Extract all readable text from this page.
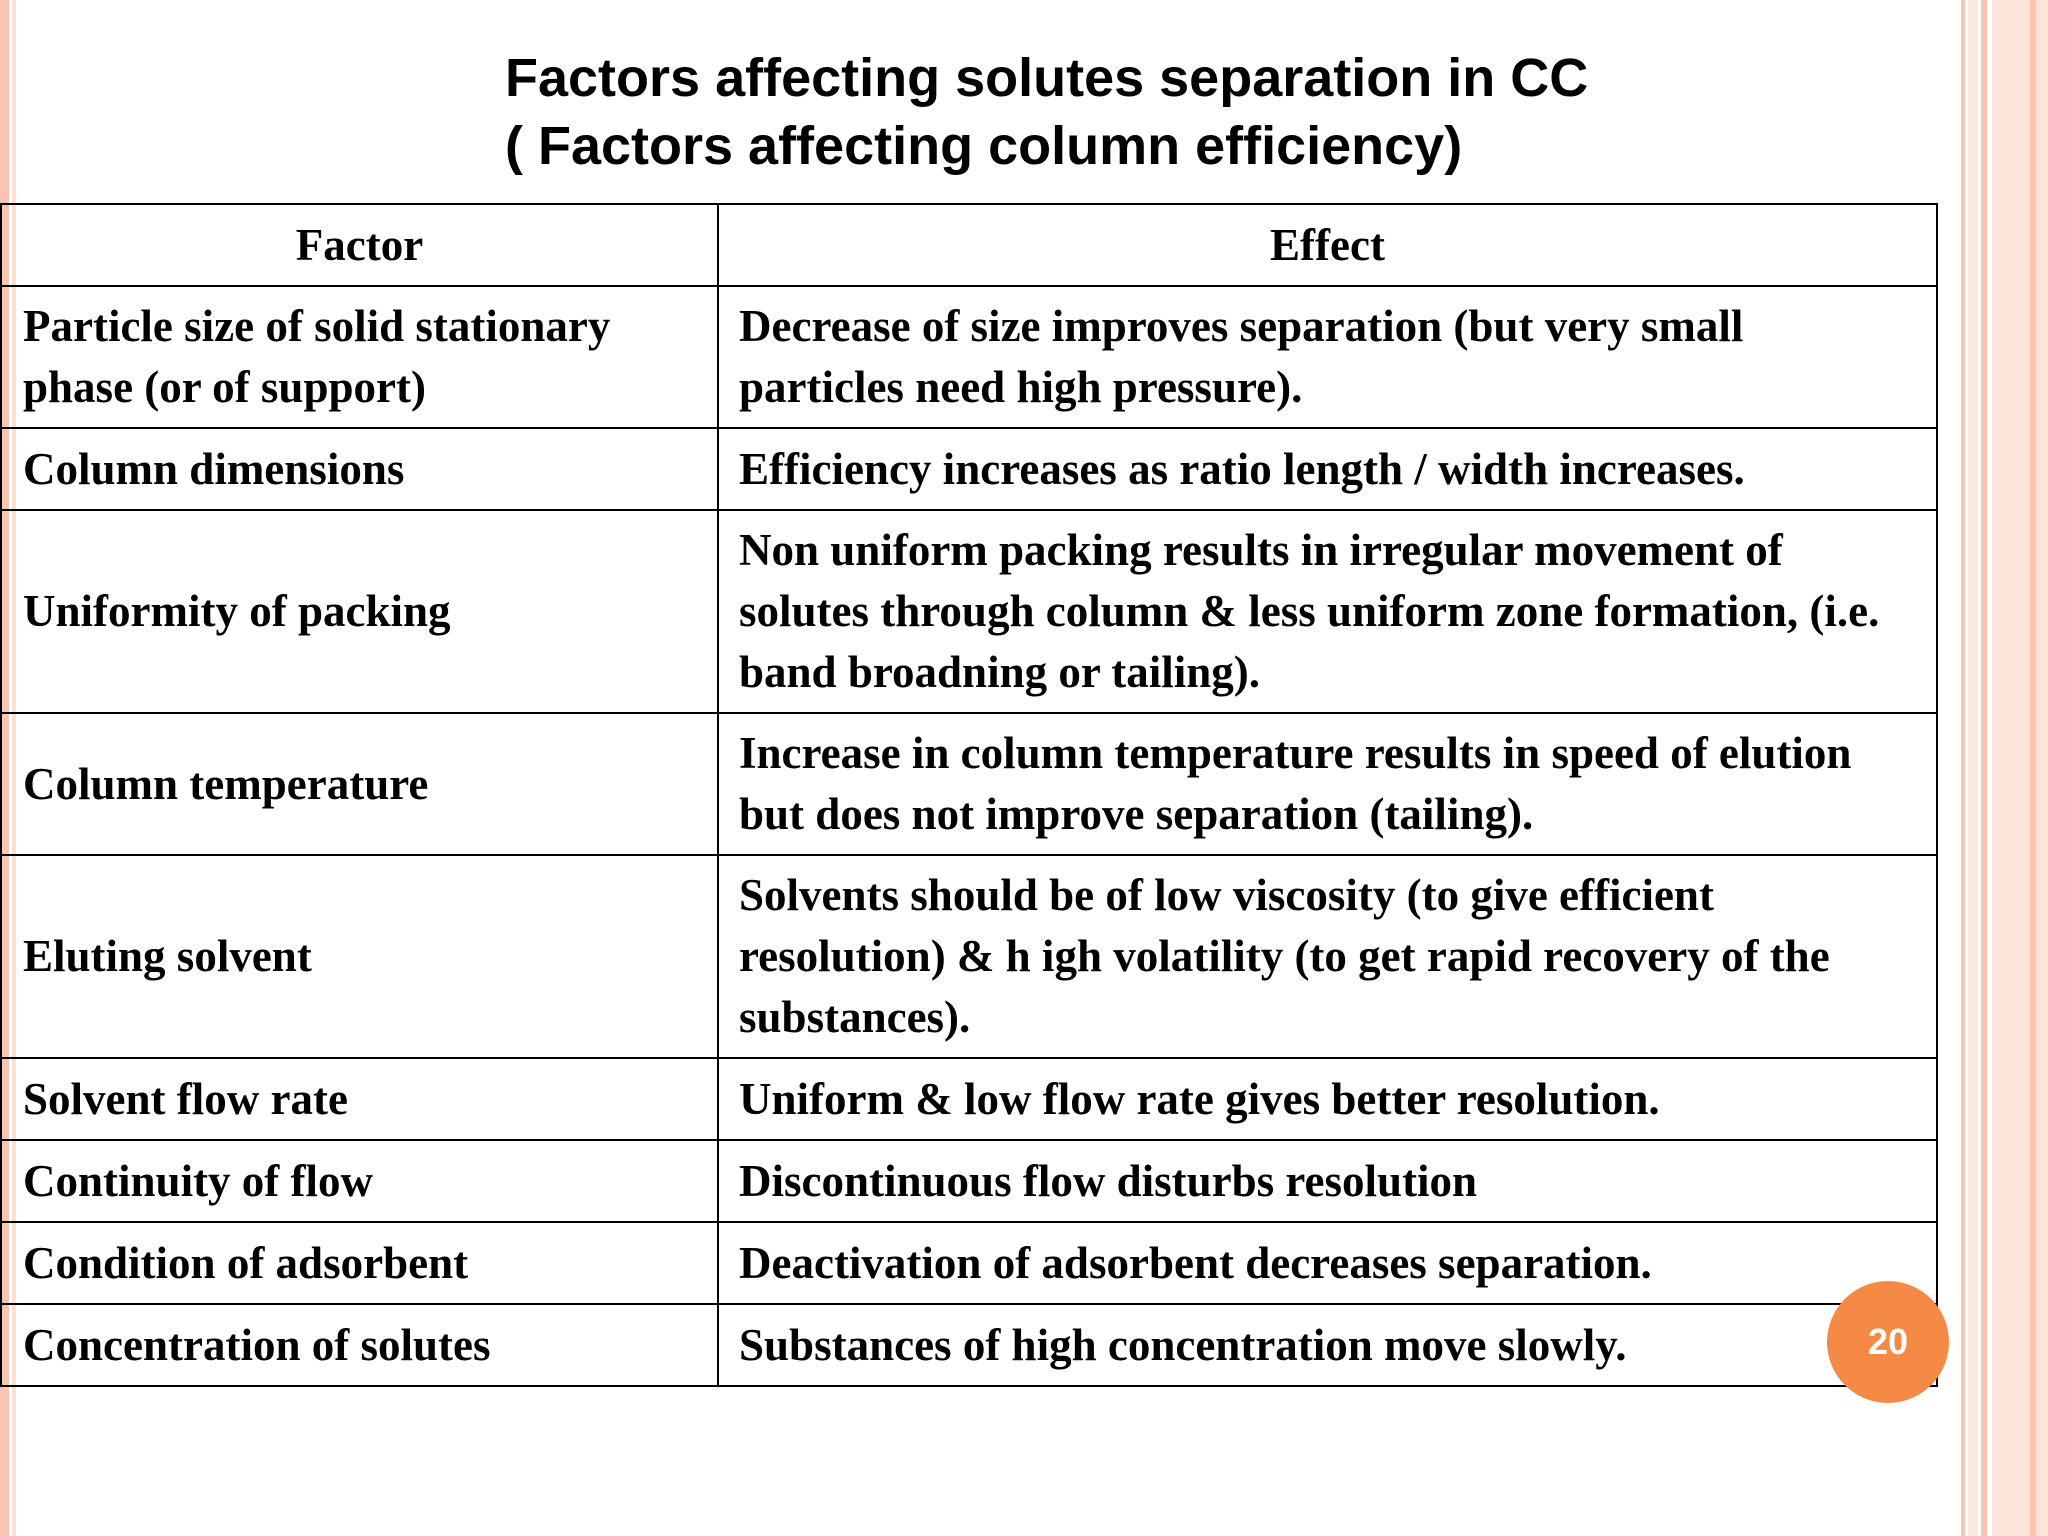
Factors affecting solutes separation in CC
( Factors affecting column efficiency)
Factor	Effect
Particle size of solid stationary phase (or of support)	Decrease of size improves separation (but very small particles need high pressure).
Column dimensions	Efficiency increases as ratio length / width increases.
Uniformity of packing	Non uniform packing results in irregular movement of solutes through column & less uniform zone formation, (i.e. band broadning or tailing).
Column temperature	Increase in column temperature results in speed of elution but does not improve separation (tailing).
Eluting solvent	Solvents should be of low viscosity (to give efficient resolution) & h igh volatility (to get rapid recovery of the substances).
Solvent flow rate	Uniform & low flow rate gives better resolution.
Continuity of flow	Discontinuous flow disturbs resolution
Condition of adsorbent	Deactivation of adsorbent decreases separation.
Concentration of solutes	Substances of high concentration move slowly.	20
